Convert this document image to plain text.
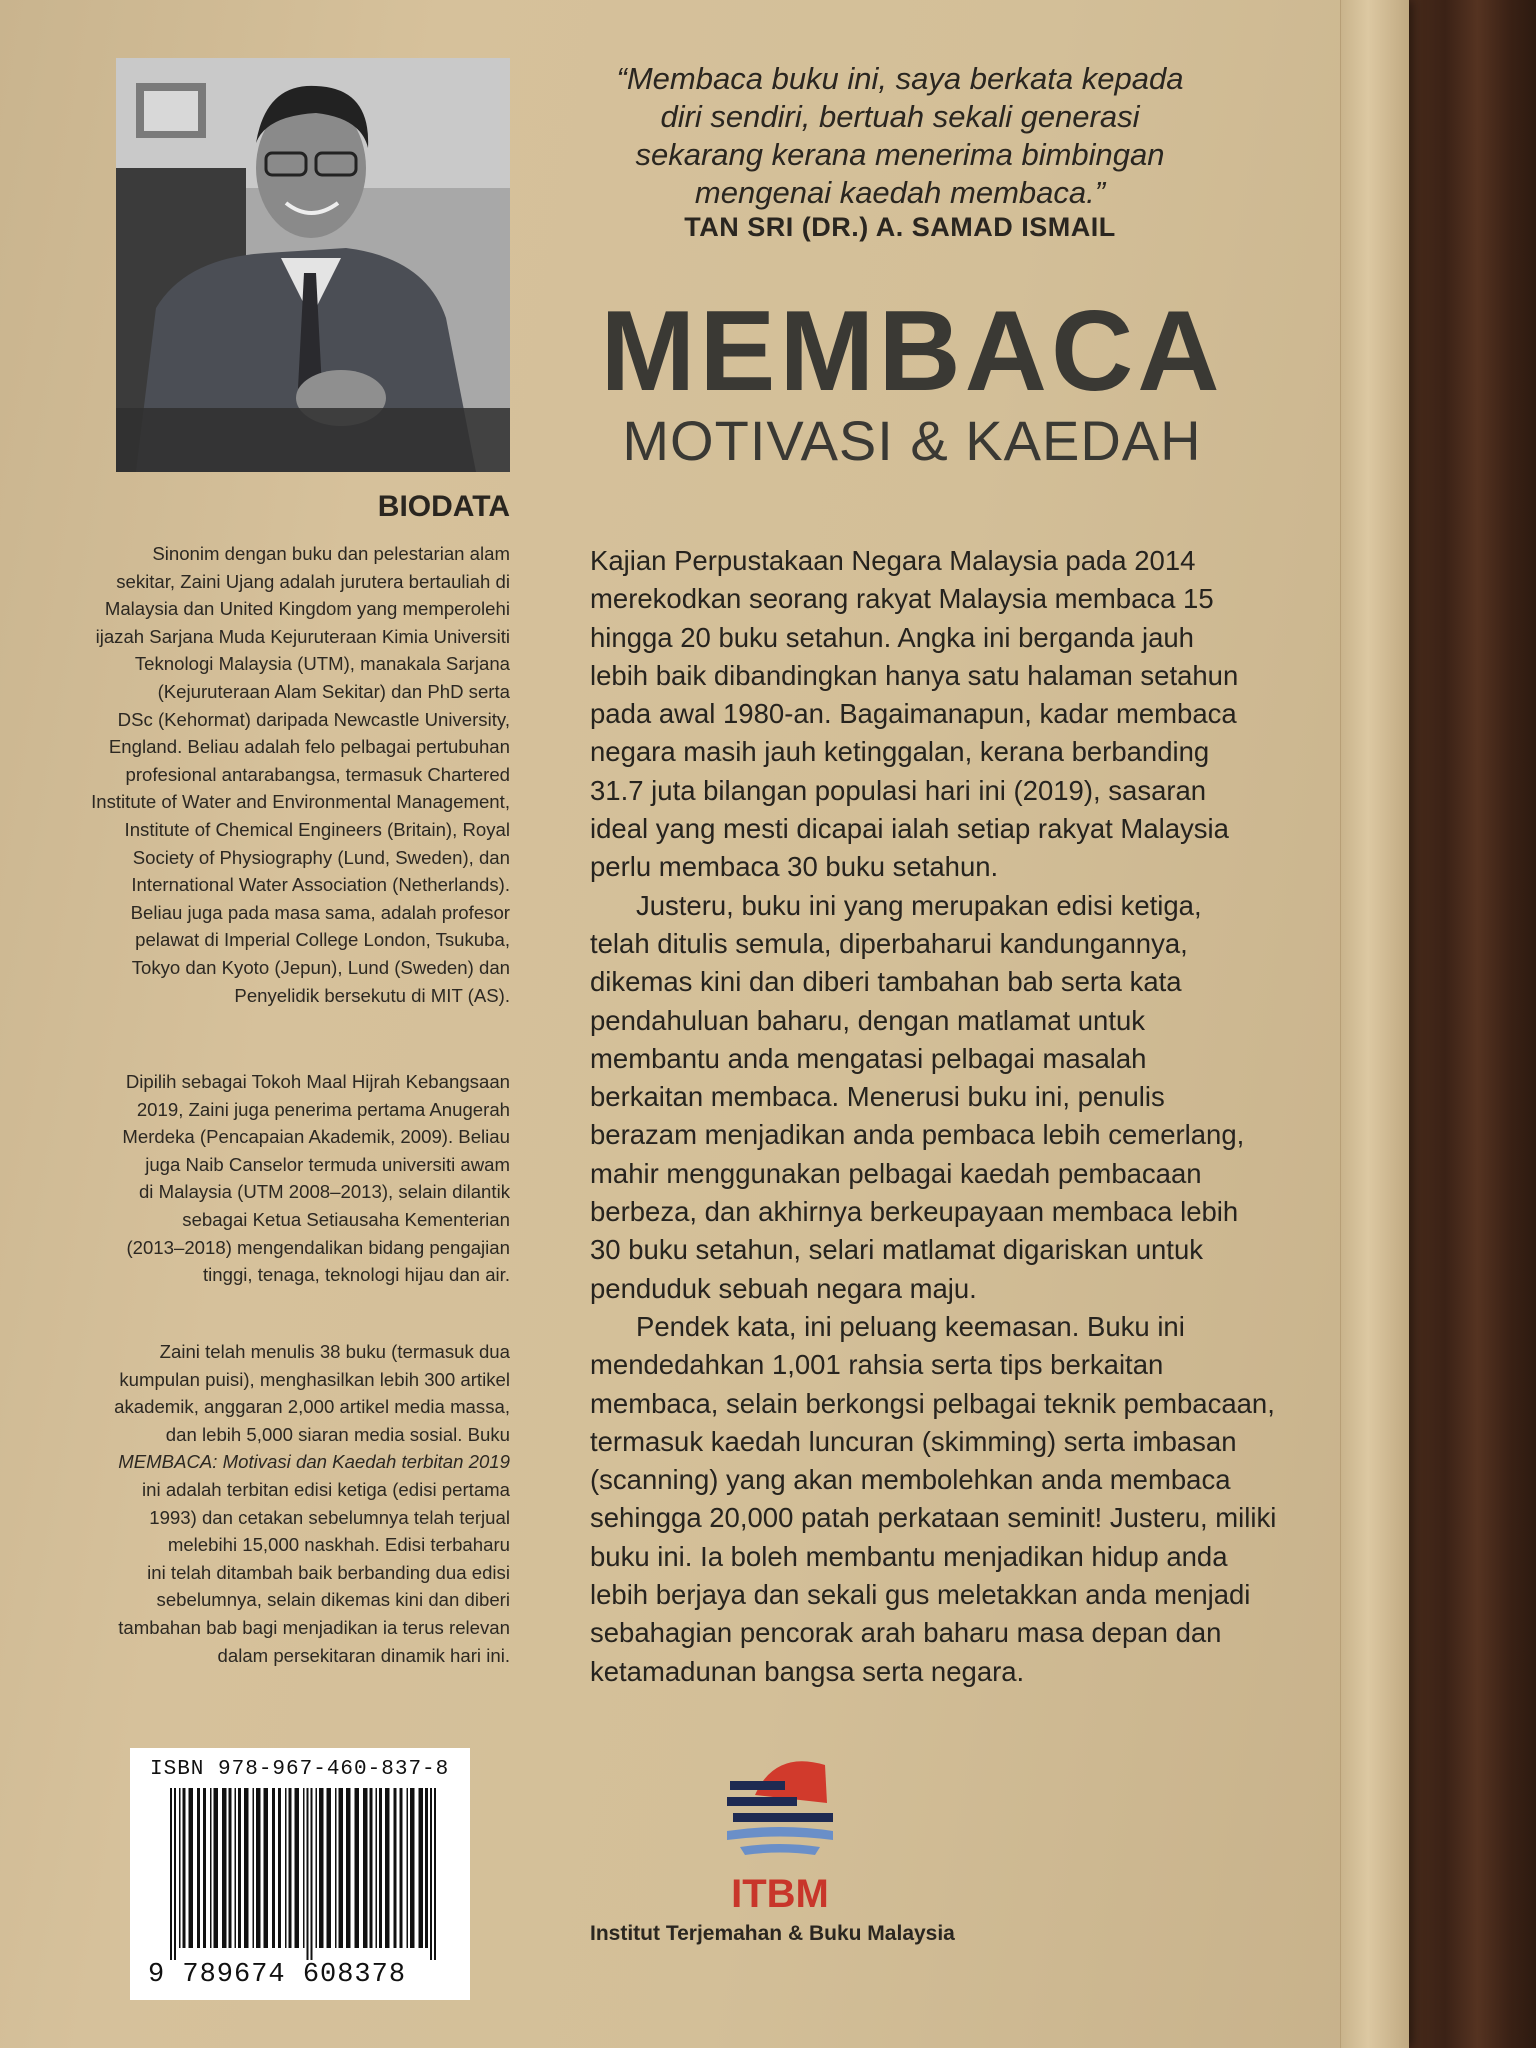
“Membaca buku ini, saya berkata kepada
diri sendiri, bertuah sekali generasi
sekarang kerana menerima bimbingan
mengenai kaedah membaca.”
TAN SRI (DR.) A. SAMAD ISMAIL
MEMBACA
MOTIVASI & KAEDAH
BIODATA

Sinonim dengan buku dan pelestarian alam

sekitar, Zaini Ujang adalah jurutera bertauliah di

Malaysia dan United Kingdom yang memperolehi

ijazah Sarjana Muda Kejuruteraan Kimia Universiti

Teknologi Malaysia (UTM), manakala Sarjana

(Kejuruteraan Alam Sekitar) dan PhD serta

DSc (Kehormat) daripada Newcastle University,

England. Beliau adalah felo pelbagai pertubuhan

profesional antarabangsa, termasuk Chartered

Institute of Water and Environmental Management,

Institute of Chemical Engineers (Britain), Royal

Society of Physiography (Lund, Sweden), dan

International Water Association (Netherlands).

Beliau juga pada masa sama, adalah profesor

pelawat di Imperial College London, Tsukuba,

Tokyo dan Kyoto (Jepun), Lund (Sweden) dan

Penyelidik bersekutu di MIT (AS).

Dipilih sebagai Tokoh Maal Hijrah Kebangsaan

2019, Zaini juga penerima pertama Anugerah

Merdeka (Pencapaian Akademik, 2009). Beliau

juga Naib Canselor termuda universiti awam

di Malaysia (UTM 2008–2013), selain dilantik

sebagai Ketua Setiausaha Kementerian

(2013–2018) mengendalikan bidang pengajian

tinggi, tenaga, teknologi hijau dan air.

Zaini telah menulis 38 buku (termasuk dua

kumpulan puisi), menghasilkan lebih 300 artikel

akademik, anggaran 2,000 artikel media massa,

dan lebih 5,000 siaran media sosial. Buku

MEMBACA: Motivasi dan Kaedah terbitan 2019

ini adalah terbitan edisi ketiga (edisi pertama

1993) dan cetakan sebelumnya telah terjual

melebihi 15,000 naskhah. Edisi terbaharu

ini telah ditambah baik berbanding dua edisi

sebelumnya, selain dikemas kini dan diberi

tambahan bab bagi menjadikan ia terus relevan

dalam persekitaran dinamik hari ini.

Kajian Perpustakaan Negara Malaysia pada 2014

merekodkan seorang rakyat Malaysia membaca 15

hingga 20 buku setahun. Angka ini berganda jauh

lebih baik dibandingkan hanya satu halaman setahun

pada awal 1980-an. Bagaimanapun, kadar membaca

negara masih jauh ketinggalan, kerana berbanding

31.7 juta bilangan populasi hari ini (2019), sasaran

ideal yang mesti dicapai ialah setiap rakyat Malaysia

perlu membaca 30 buku setahun.

Justeru, buku ini yang merupakan edisi ketiga,

telah ditulis semula, diperbaharui kandungannya,

dikemas kini dan diberi tambahan bab serta kata

pendahuluan baharu, dengan matlamat untuk

membantu anda mengatasi pelbagai masalah

berkaitan membaca. Menerusi buku ini, penulis

berazam menjadikan anda pembaca lebih cemerlang,

mahir menggunakan pelbagai kaedah pembacaan

berbeza, dan akhirnya berkeupayaan membaca lebih

30 buku setahun, selari matlamat digariskan untuk

penduduk sebuah negara maju.

Pendek kata, ini peluang keemasan. Buku ini

mendedahkan 1,001 rahsia serta tips berkaitan

membaca, selain berkongsi pelbagai teknik pembacaan,

termasuk kaedah luncuran (skimming) serta imbasan

(scanning) yang akan membolehkan anda membaca

sehingga 20,000 patah perkataan seminit! Justeru, miliki

buku ini. Ia boleh membantu menjadikan hidup anda

lebih berjaya dan sekali gus meletakkan anda menjadi

sebahagian pencorak arah baharu masa depan dan

ketamadunan bangsa serta negara.

ISBN 978-967-460-837-8
9 789674 608378
ITBM
Institut Terjemahan & Buku Malaysia
